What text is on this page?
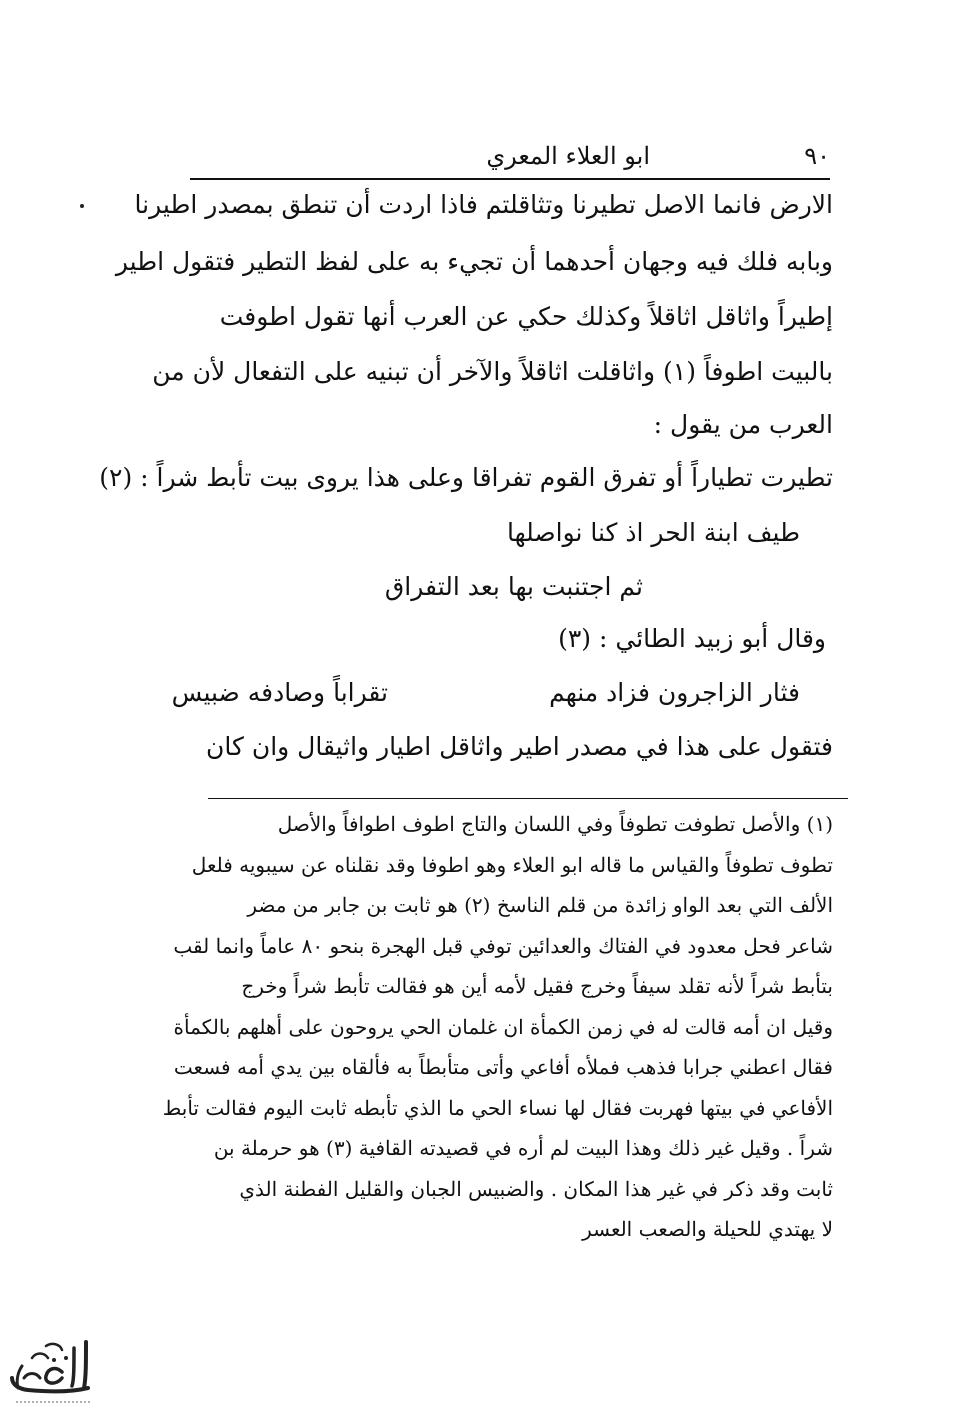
٩٠
ابو العلاء المعري
الارض فانما الاصل تطيرنا وتثاقلتم فاذا اردت أن تنطق بمصدر اطيرنا
وبابه فلك فيه وجهان أحدهما أن تجيء به على لفظ التطير فتقول اطير
إطيراً واثاقل اثاقلاً وكذلك حكي عن العرب أنها تقول اطوفت
بالبيت اطوفاً (١) واثاقلت اثاقلاً والآخر أن تبنيه على التفعال لأن من
العرب من يقول :
تطيرت تطياراً أو تفرق القوم تفراقا وعلى هذا يروى بيت تأبط شراً : (٢)
طيف ابنة الحر اذ كنا نواصلها
ثم اجتنبت بها بعد التفراق
وقال أبو زبيد الطائي : (٣)
فثار الزاجرون فزاد منهم
تقراباً وصادفه ضبيس
فتقول على هذا في مصدر اطير واثاقل اطيار واثيقال وان كان
(١) والأصل تطوفت تطوفاً وفي اللسان والتاج اطوف اطوافاً والأصل
تطوف تطوفاً والقياس ما قاله ابو العلاء وهو اطوفا وقد نقلناه عن سيبويه فلعل
الألف التي بعد الواو زائدة من قلم الناسخ (٢) هو ثابت بن جابر من مضر
شاعر فحل معدود في الفتاك والعدائين توفي قبل الهجرة بنحو ٨٠ عاماً وانما لقب
بتأبط شراً لأنه تقلد سيفاً وخرج فقيل لأمه أين هو فقالت تأبط شراً وخرج
وقيل ان أمه قالت له في زمن الكمأة ان غلمان الحي يروحون على أهلهم بالكمأة
فقال اعطني جرابا فذهب فملأه أفاعي وأتى متأبطاً به فألقاه بين يدي أمه فسعت
الأفاعي في بيتها فهربت فقال لها نساء الحي ما الذي تأبطه ثابت اليوم فقالت تأبط
شراً . وقيل غير ذلك وهذا البيت لم أره في قصيدته القافية (٣) هو حرملة بن
ثابت وقد ذكر في غير هذا المكان . والضبيس الجبان والقليل الفطنة الذي
لا يهتدي للحيلة والصعب العسر
